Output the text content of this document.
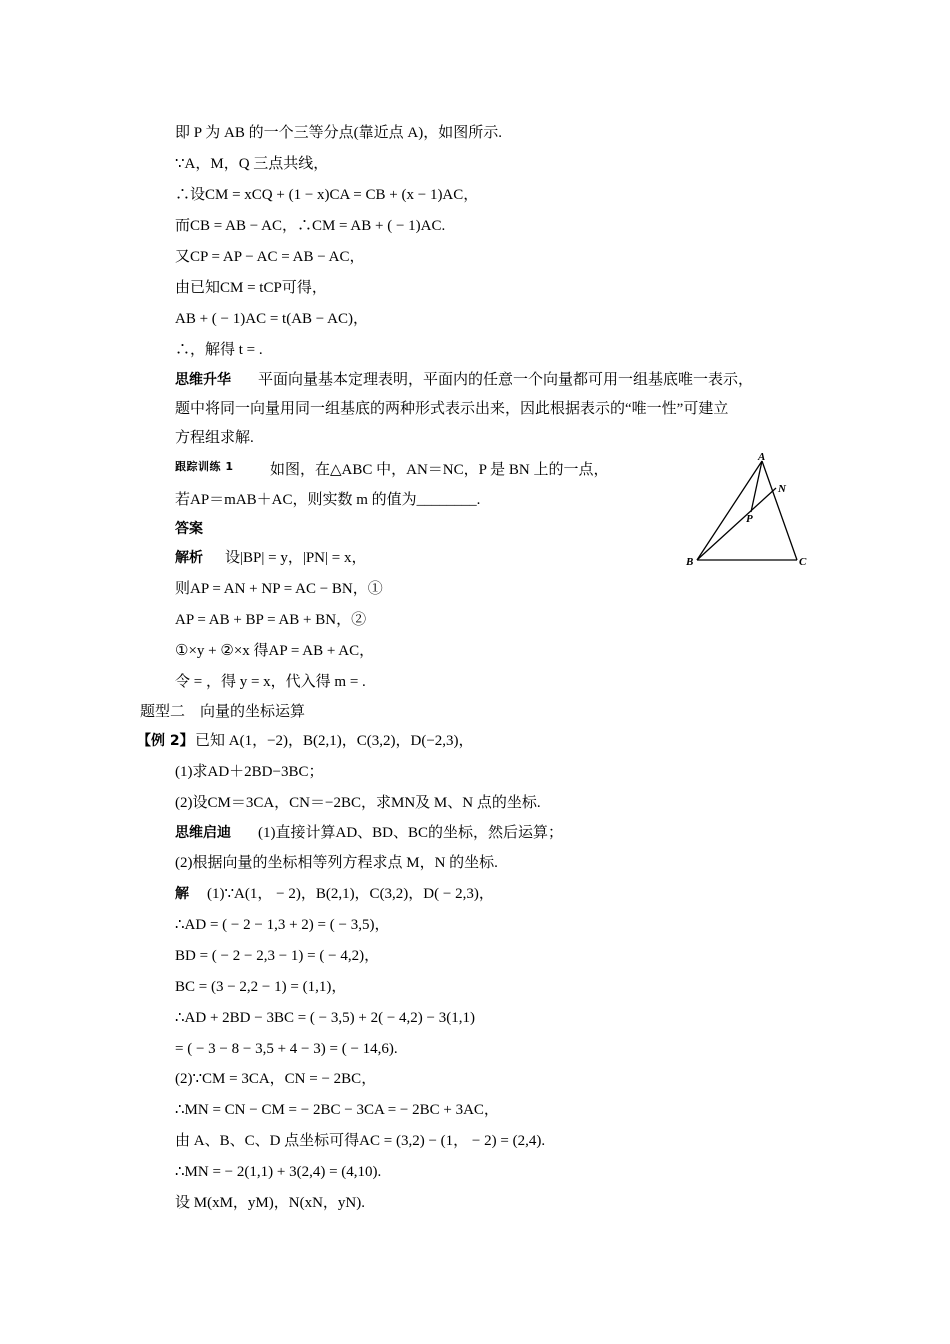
即 P 为 AB 的一个三等分点(靠近点 A)，如图所示.
∵A，M，Q 三点共线，
∴设CM = xCQ + (1 − x)CA = CB + (x − 1)AC，
而CB = AB − AC，∴CM = AB + ( − 1)AC.
又CP = AP − AC = AB − AC，
由已知CM = tCP可得，
AB + ( − 1)AC = t(AB − AC)，
∴，解得 t = .
思维升华 平面向量基本定理表明，平面内的任意一个向量都可用一组基底唯一表示，
题中将同一向量用同一组基底的两种形式表示出来，因此根据表示的“唯一性”可建立
方程组求解.
跟踪训练 1 如图，在△ABC 中，AN＝NC，P 是 BN 上的一点，
若AP＝mAB＋AC，则实数 m 的值为________.
答案
解析 设|BP| = y，|PN| = x，
则AP = AN + NP = AC − BN，①
AP = AB + BP = AB + BN，②
①×y + ②×x 得AP = AB + AC，
令 = ，得 y = x，代入得 m = .
题型二　向量的坐标运算
【例 2】 已知 A(1，−2)，B(2,1)，C(3,2)，D(−2,3)，
(1)求AD＋2BD−3BC；
(2)设CM＝3CA，CN＝−2BC，求MN及 M、N 点的坐标.
思维启迪 (1)直接计算AD、BD、BC的坐标，然后运算；
(2)根据向量的坐标相等列方程求点 M，N 的坐标.
解 (1)∵A(1， − 2)，B(2,1)，C(3,2)，D( − 2,3)，
∴AD = ( − 2 − 1,3 + 2) = ( − 3,5)，
BD = ( − 2 − 2,3 − 1) = ( − 4,2)，
BC = (3 − 2,2 − 1) = (1,1)，
∴AD + 2BD − 3BC = ( − 3,5) + 2( − 4,2) − 3(1,1)
= ( − 3 − 8 − 3,5 + 4 − 3) = ( − 14,6).
(2)∵CM = 3CA，CN = − 2BC，
∴MN = CN − CM = − 2BC − 3CA = − 2BC + 3AC，
由 A、B、C、D 点坐标可得AC = (3,2) − (1， − 2) = (2,4).
∴MN = − 2(1,1) + 3(2,4) = (4,10).
设 M(xM，yM)，N(xN，yN).
A
N
P
B	C
